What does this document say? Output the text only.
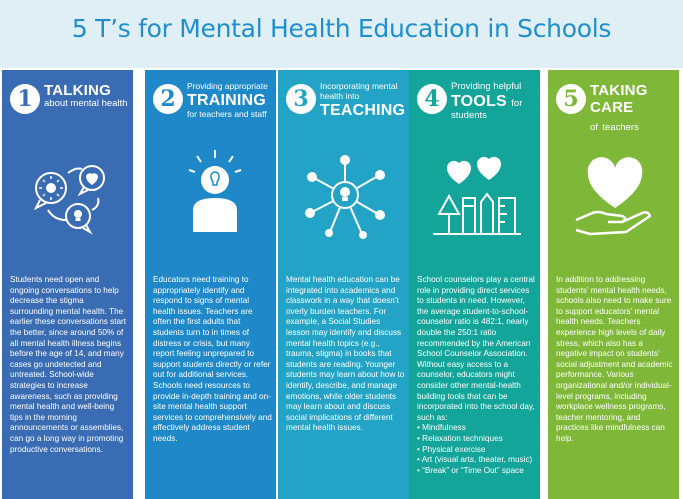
5 T’s for Mental Health Education in Schools
1 TALKING
about mental health
Students need open and ongoing conversations to help decrease the stigma surrounding mental health. The earlier these conversations start the better, since around 50% of all mental health illness begins before the age of 14, and many cases go undetected and untreated. School-wide strategies to increase awareness, such as providing mental health and well-being tips in the morning announcements or assemblies, can go a long way in promoting productive conversations.
2	Providing appropriate
TRAINING
for teachers and staff
Educators need training to appropriately identify and respond to signs of mental health issues. Teachers are often the first adults that students turn to in times of distress or crisis, but many report feeling unprepared to support students directly or refer out for additional services. Schools need resources to provide in-depth training and on-site mental health support services to comprehensively and effectively address student needs.
3	Incorporating mental health into
TEACHING
Mental health education can be integrated into academics and classwork in a way that doesn’t overly burden teachers. For example, a Social Studies lesson may identify and discuss mental health topics (e.g., trauma, stigma) in books that students are reading. Younger students may learn about how to identify, describe, and manage emotions, while older students may learn about and discuss social implications of different mental health issues.
4	Providing helpful
TOOLS for
students
School counselors play a central role in providing direct services to students in need. However, the average student-to-school-counselor ratio is 482:1, nearly double the 250:1 ratio recommended by the American School Counselor Association. Without easy access to a counselor, educators might consider other mental-health building tools that can be incorporated into the school day, such as:
• Mindfulness
• Relaxation techniques
• Physical exercise
• Art (visual arts, theater, music)
• “Break” or “Time Out” space
5 TAKING CARE
of teachers
In addition to addressing students’ mental health needs, schools also need to make sure to support educators’ mental health needs. Teachers experience high levels of daily stress, which also has a negative impact on students’ social adjustment and academic performance. Various organizational and/or individual-level programs, including workplace wellness programs, teacher mentoring, and practices like mindfulness can help.
